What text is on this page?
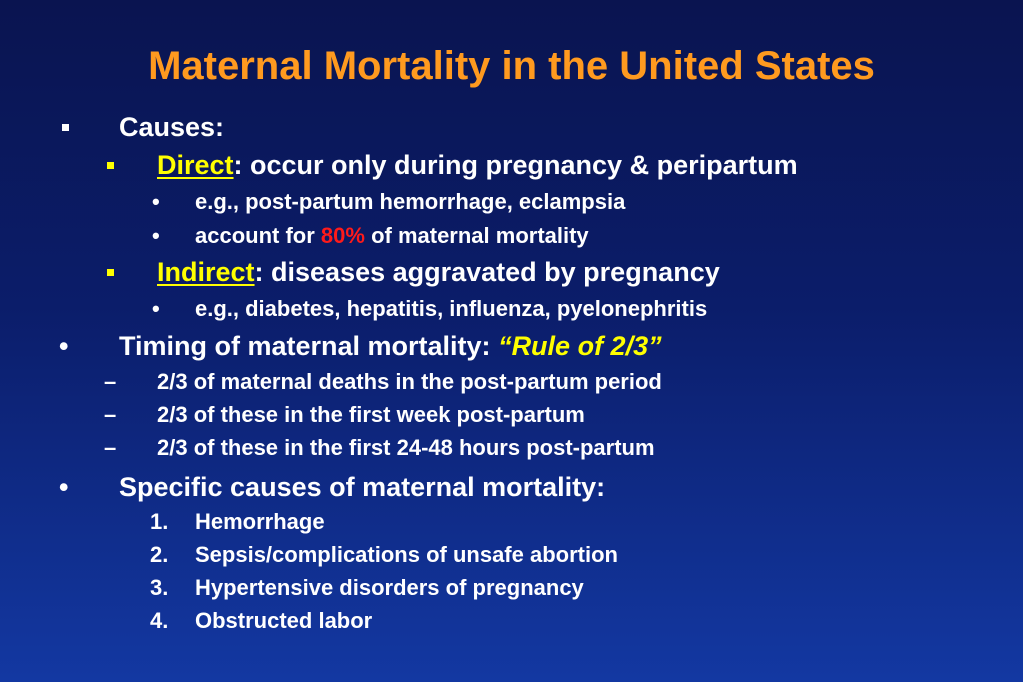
Maternal Mortality in the United States
Causes:
Direct: occur only during pregnancy & peripartum
• e.g., post-partum hemorrhage, eclampsia
• account for 80% of maternal mortality
Indirect: diseases aggravated by pregnancy
• e.g., diabetes, hepatitis, influenza, pyelonephritis
• Timing of maternal mortality: “Rule of 2/3”
– 2/3 of maternal deaths in the post-partum period
– 2/3 of these in the first week post-partum
– 2/3 of these in the first 24-48 hours post-partum
• Specific causes of maternal mortality:
1. Hemorrhage
2. Sepsis/complications of unsafe abortion
3. Hypertensive disorders of pregnancy
4. Obstructed labor
